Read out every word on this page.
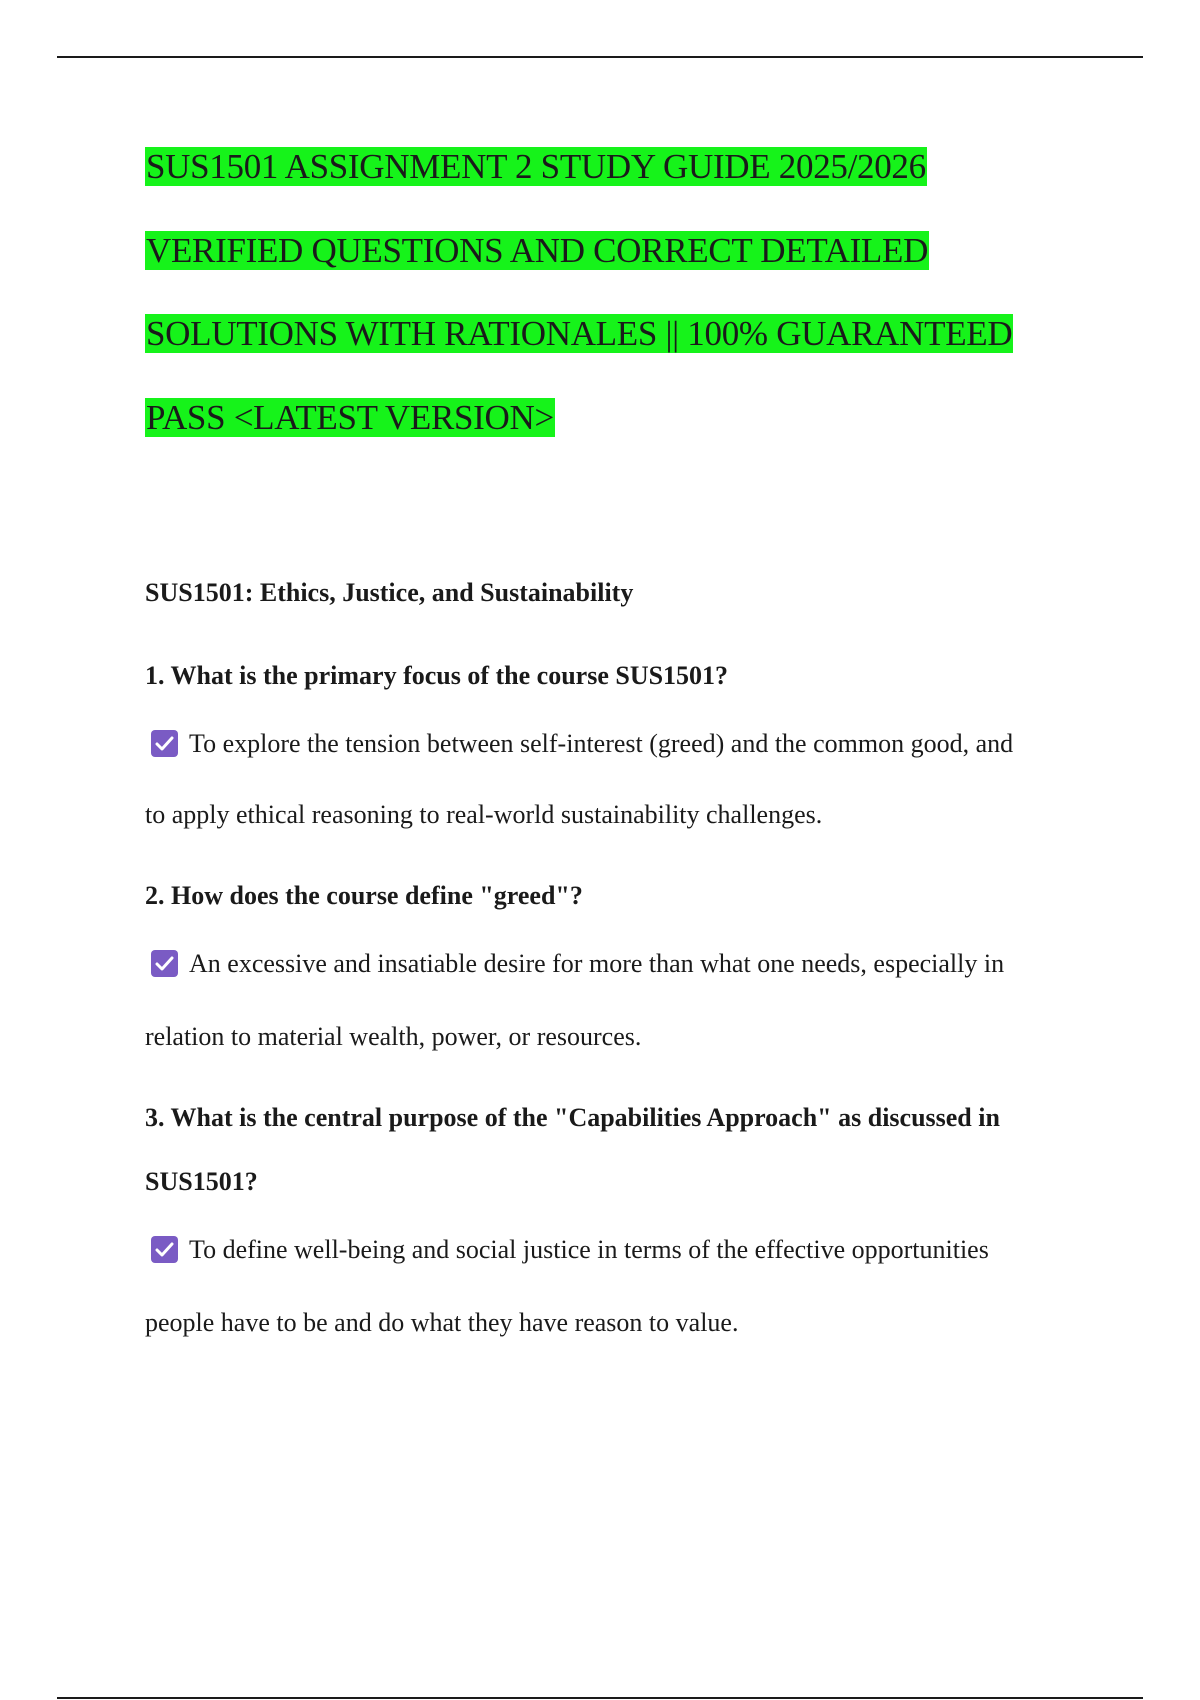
SUS1501 ASSIGNMENT 2 STUDY GUIDE 2025/2026
VERIFIED QUESTIONS AND CORRECT DETAILED
SOLUTIONS WITH RATIONALES || 100% GUARANTEED
PASS <LATEST VERSION>

SUS1501: Ethics, Justice, and Sustainability

1. What is the primary focus of the course SUS1501?

To explore the tension between self-interest (greed) and the common good, and

to apply ethical reasoning to real-world sustainability challenges.

2. How does the course define "greed"?

An excessive and insatiable desire for more than what one needs, especially in

relation to material wealth, power, or resources.

3. What is the central purpose of the "Capabilities Approach" as discussed in

SUS1501?

To define well-being and social justice in terms of the effective opportunities

people have to be and do what they have reason to value.
